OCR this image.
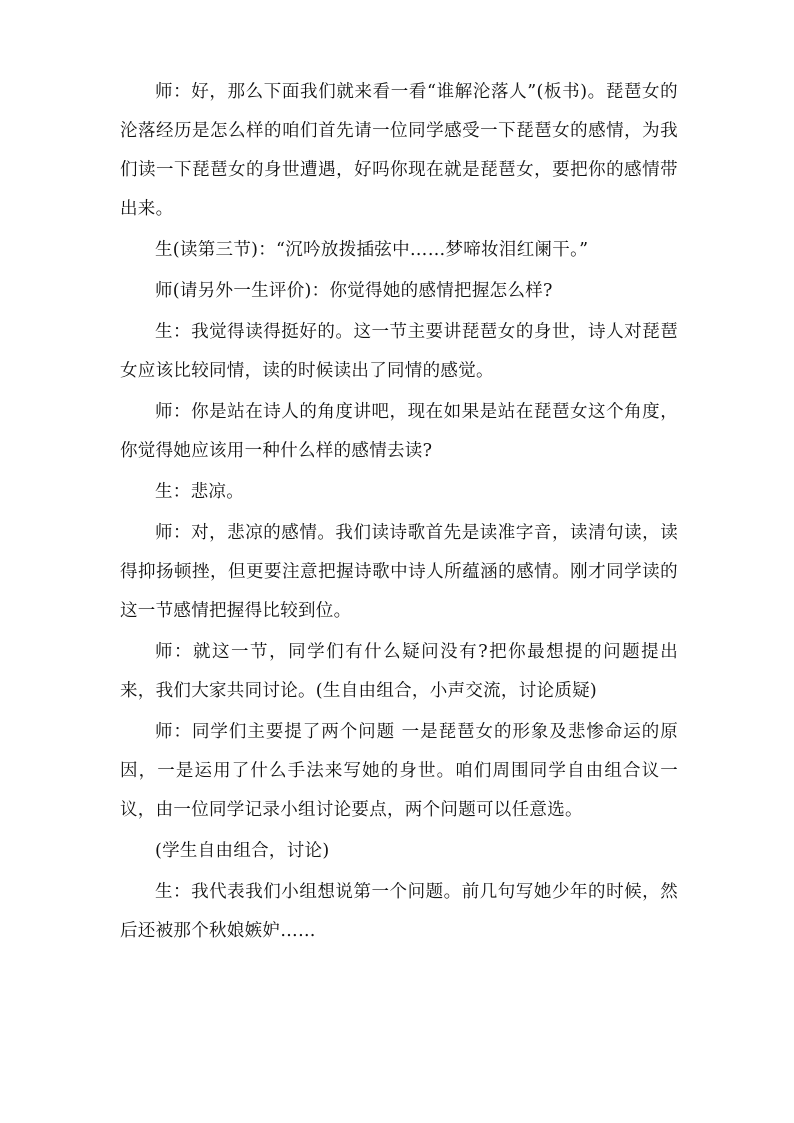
师：好，那么下面我们就来看一看“谁解沦落人”(板书)。琵琶女的沦落经历是怎么样的咱们首先请一位同学感受一下琵琶女的感情，为我们读一下琵琶女的身世遭遇，好吗你现在就是琵琶女，要把你的感情带出来。

生(读第三节)：“沉吟放拨插弦中……梦啼妆泪红阑干。”

师(请另外一生评价)：你觉得她的感情把握怎么样?

生：我觉得读得挺好的。这一节主要讲琵琶女的身世，诗人对琵琶女应该比较同情，读的时候读出了同情的感觉。

师：你是站在诗人的角度讲吧，现在如果是站在琵琶女这个角度，你觉得她应该用一种什么样的感情去读?

生：悲凉。

师：对，悲凉的感情。我们读诗歌首先是读准字音，读清句读，读得抑扬顿挫，但更要注意把握诗歌中诗人所蕴涵的感情。刚才同学读的这一节感情把握得比较到位。

师：就这一节，同学们有什么疑问没有?把你最想提的问题提出来，我们大家共同讨论。(生自由组合，小声交流，讨论质疑)

师：同学们主要提了两个问题 一是琵琶女的形象及悲惨命运的原因，一是运用了什么手法来写她的身世。咱们周围同学自由组合议一议，由一位同学记录小组讨论要点，两个问题可以任意选。

(学生自由组合，讨论)

生：我代表我们小组想说第一个问题。前几句写她少年的时候，然后还被那个秋娘嫉妒……
